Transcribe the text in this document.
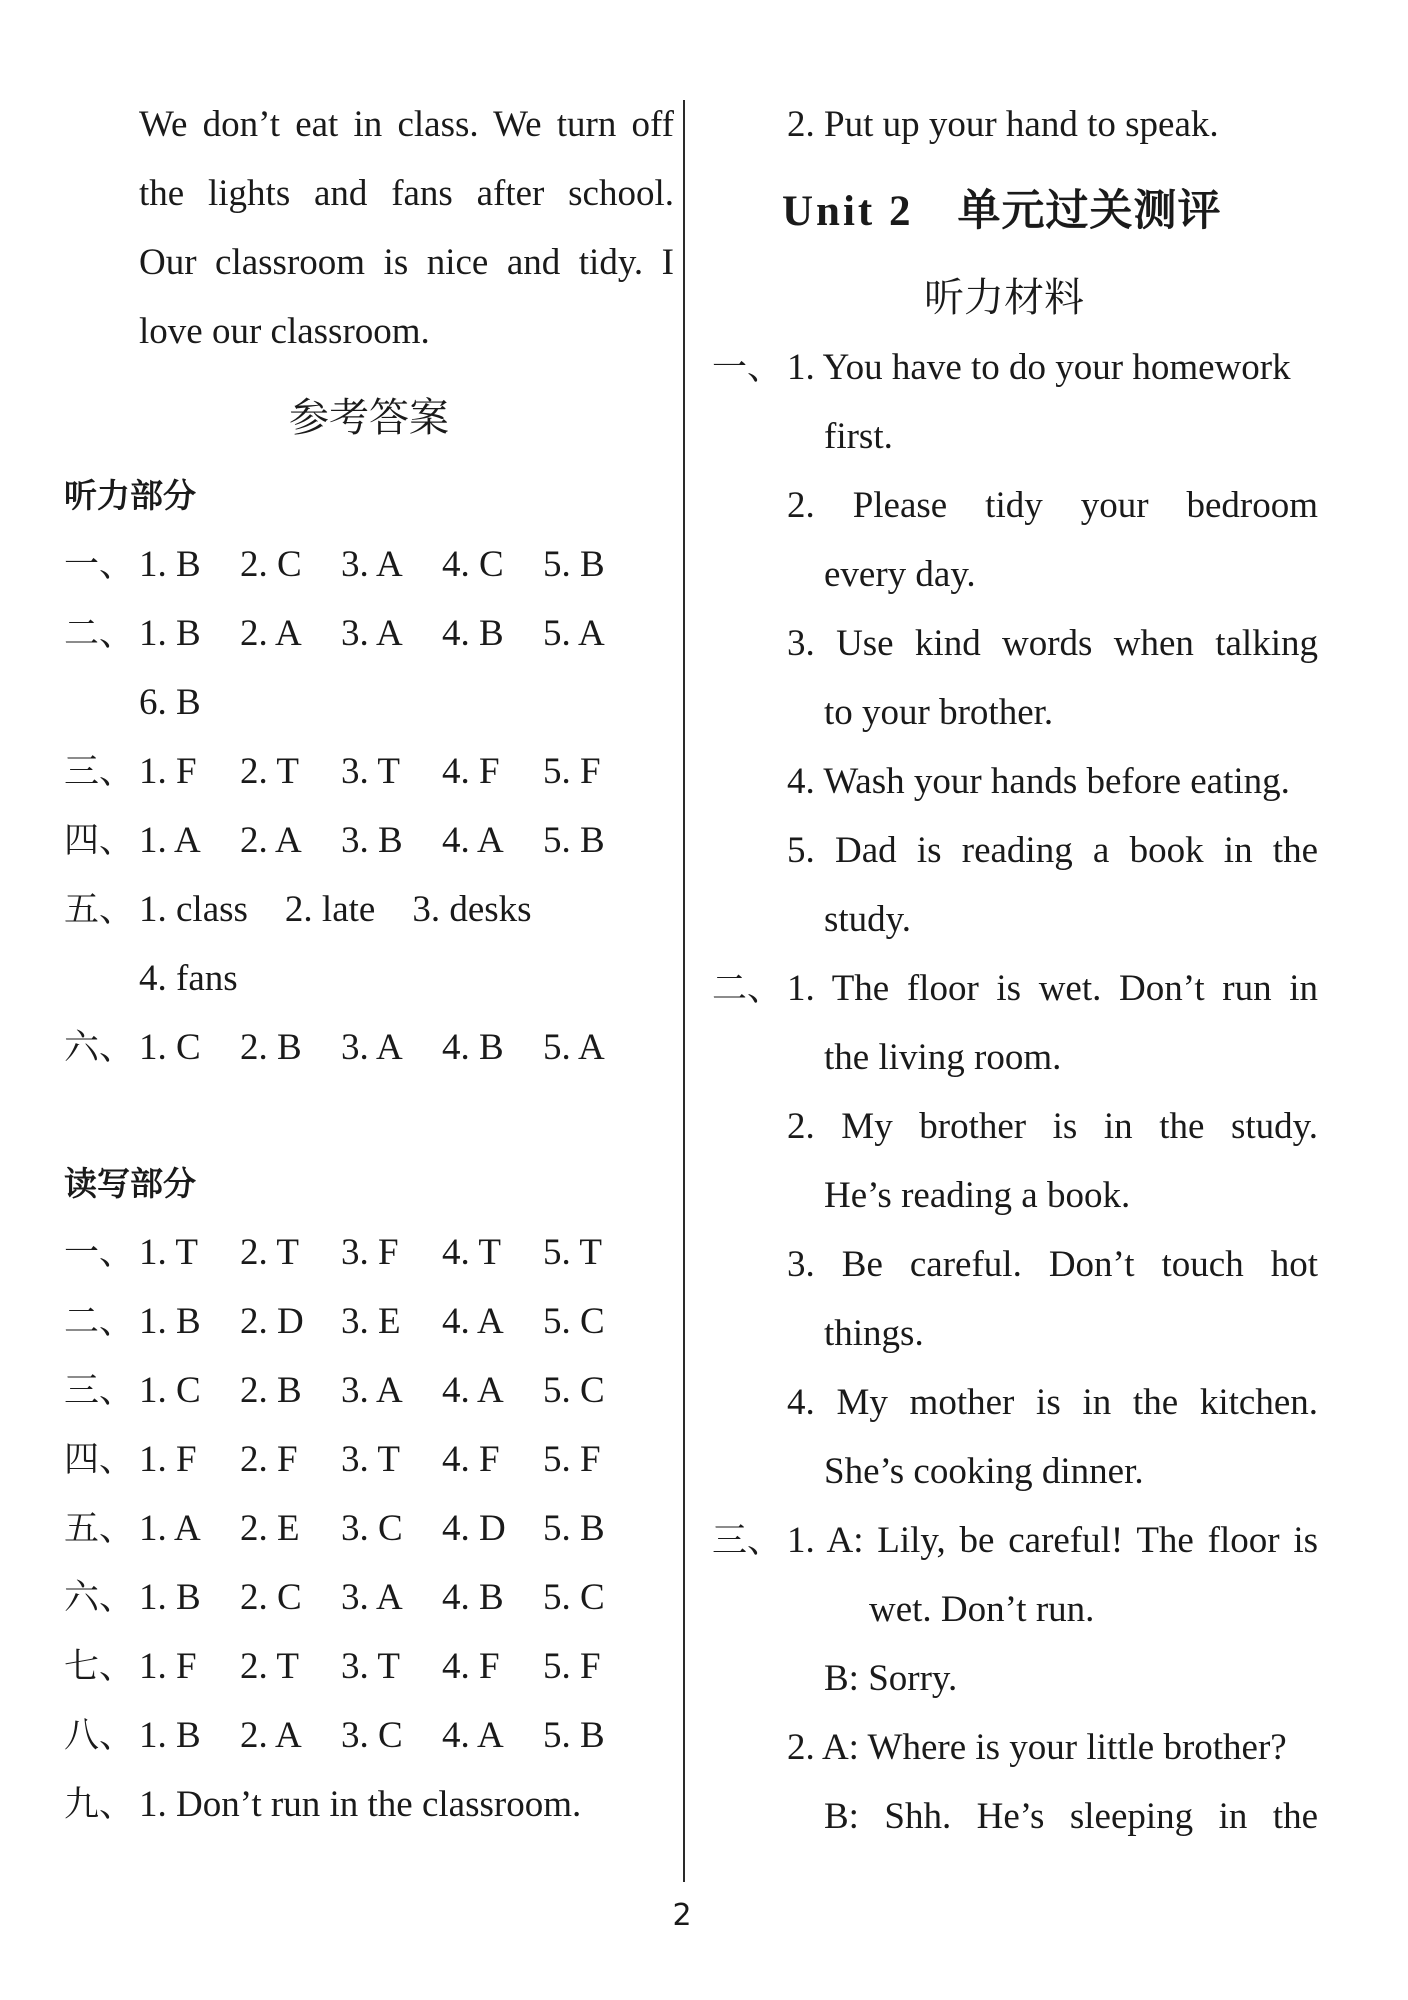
We don’t eat in class. We turn off
the lights and fans after school.
Our classroom is nice and tidy. I
love our classroom.
参考答案
听力部分
一、 1. B 2. C 3. A 4. C 5. B
二、 1. B 2. A 3. A 4. B 5. A
6. B
三、 1. F 2. T 3. T 4. F 5. F
四、 1. A 2. A 3. B 4. A 5. B
五、 1. class    2. late    3. desks
4. fans
六、 1. C 2. B 3. A 4. B 5. A
读写部分
一、 1. T 2. T 3. F 4. T 5. T
二、 1. B 2. D 3. E 4. A 5. C
三、 1. C 2. B 3. A 4. A 5. C
四、 1. F 2. F 3. T 4. F 5. F
五、 1. A 2. E 3. C 4. D 5. B
六、 1. B 2. C 3. A 4. B 5. C
七、 1. F 2. T 3. T 4. F 5. F
八、 1. B 2. A 3. C 4. A 5. B
九、 1. Don’t run in the classroom.
2. Put up your hand to speak.
Unit 2 单元过关测评
听力材料
一、 1. You have to do your homework
first.
2. Please tidy your bedroom
every day.
3. Use kind words when talking
to your brother.
4. Wash your hands before eating.
5. Dad is reading a book in the
study.
二、 1. The floor is wet. Don’t run in
the living room.
2. My brother is in the study.
He’s reading a book.
3. Be careful. Don’t touch hot
things.
4. My mother is in the kitchen.
She’s cooking dinner.
三、 1. A: Lily, be careful! The floor is
wet. Don’t run.
B: Sorry.
2. A: Where is your little brother?
B: Shh. He’s sleeping in the
2
